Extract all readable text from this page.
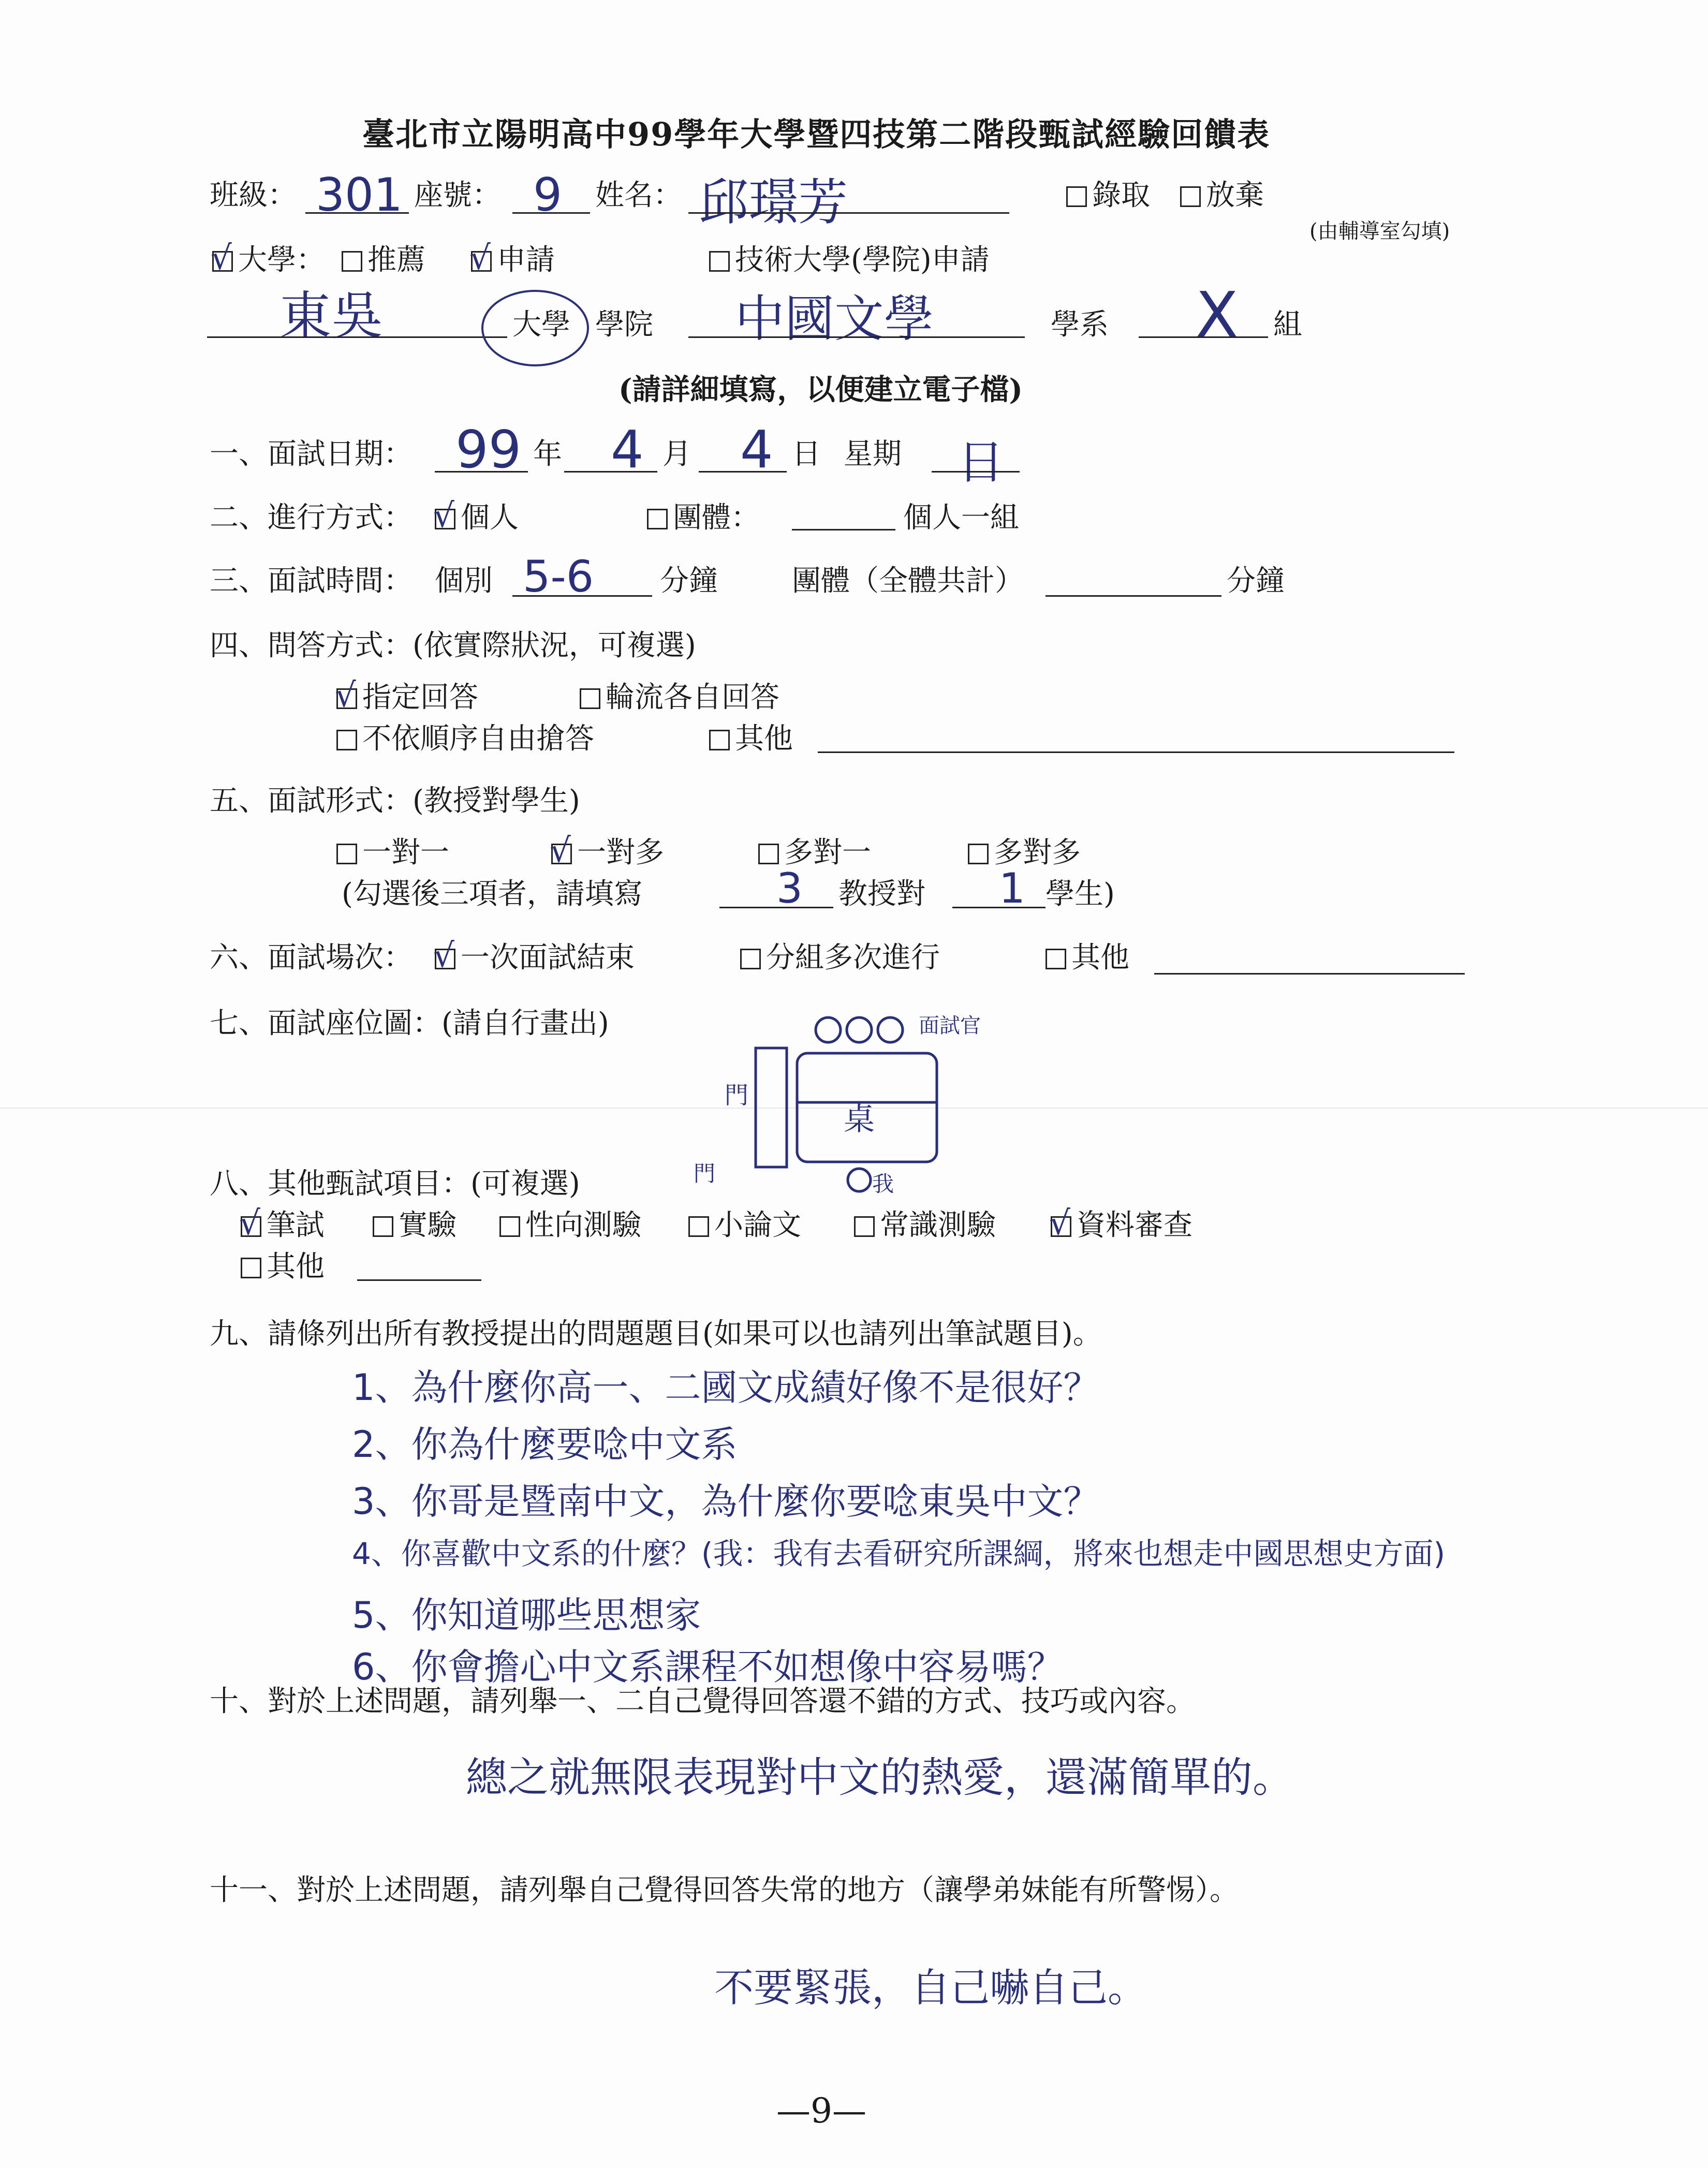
臺北市立陽明高中99學年大學暨四技第二階段甄試經驗回饋表
班級： 301 座號： 9 姓名： 邱璟芳	錄取	放棄
(由輔導室勾填)
√ 大學：	推薦 √ 申請	技術大學(學院)申請
東吳	大學 學院 中國文學	學系 X 組
(請詳細填寫，以便建立電子檔)
一、面試日期： 99 年 4 月 4 日 星期 日
二、進行方式： √ 個人	團體：	個人一組
三、面試時間： 個別 5-6 分鐘	團體（全體共計）	分鐘
四、問答方式：(依實際狀況，可複選)
√ 指定回答	輪流各自回答
不依順序自由搶答	其他
五、面試形式：(教授對學生)
一對一	√ 一對多	多對一	多對多
(勾選後三項者，請填寫	3 教授對 1 學生)
六、面試場次： √ 一次面試結束	分組多次進行	其他
七、面試座位圖：(請自行畫出)	面試官
桌
門
門	我
八、其他甄試項目：(可複選)
√ 筆試	實驗	性向測驗	小論文	常識測驗 √ 資料審查
其他
九、請條列出所有教授提出的問題題目(如果可以也請列出筆試題目)。
1、為什麼你高一、二國文成績好像不是很好？
2、你為什麼要唸中文系
3、你哥是暨南中文，為什麼你要唸東吳中文？
4、你喜歡中文系的什麼？(我：我有去看研究所課綱，將來也想走中國思想史方面)
5、你知道哪些思想家
6、你會擔心中文系課程不如想像中容易嗎？
十、對於上述問題，請列舉一、二自己覺得回答還不錯的方式、技巧或內容。
總之就無限表現對中文的熱愛，還滿簡單的。
十一、對於上述問題，請列舉自己覺得回答失常的地方（讓學弟妹能有所警惕）。
不要緊張，自己嚇自己。
—9—
